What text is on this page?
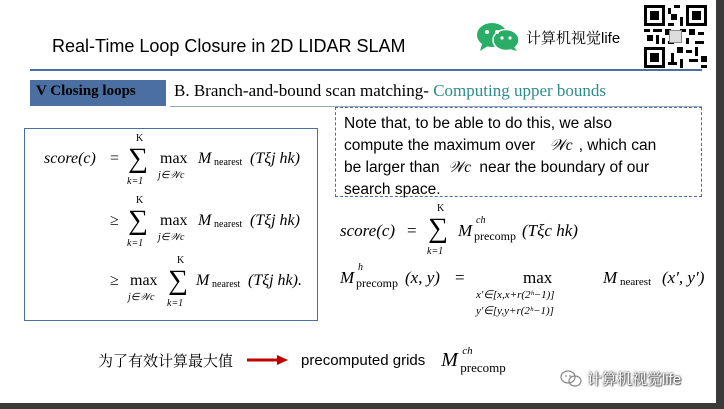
Real-Time Loop Closure in 2D LIDAR SLAM	计算机视觉life
V Closing loops B. Branch-and-bound scan matching- Computing upper bounds
score(c) =
K
∑
k=1
max
j∈𝒲c
M nearest (Tξj hk)
≥
K
∑
k=1
max
j∈𝒲c
M nearest (Tξj hk)
≥ max
j∈𝒲c
K
∑
k=1
M nearest (Tξj hk).
Note that, to be able to do this, we also
compute the maximum over 𝒲c , which can
be larger than 𝒲c near the boundary of our
search space.
score(c) =
K
∑
k=1
M
ch
precomp (Tξc hk)
M
h
precomp (x, y) =	max
x′∈[x,x+r(2ʰ−1)]
y′∈[y,y+r(2ʰ−1)]
M nearest (x′, y′)
为了有效计算最大值	precomputed grids M ch
precomp
计算机视觉life
